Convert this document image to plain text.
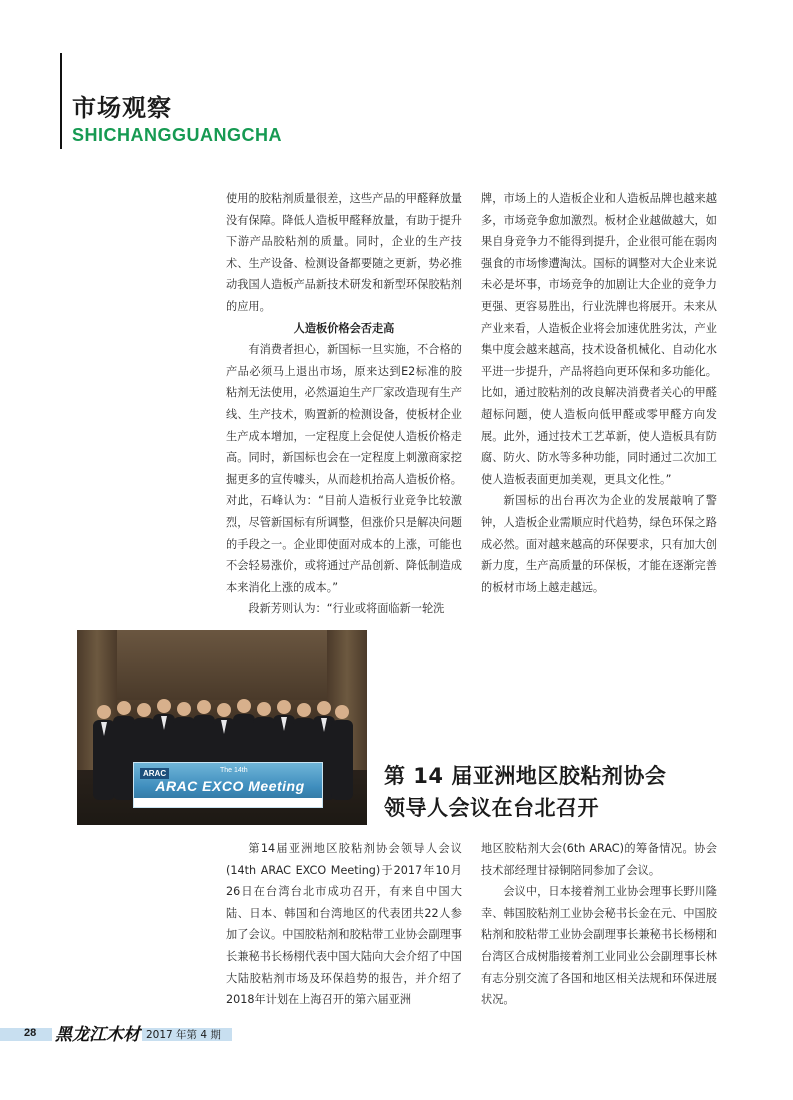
市场观察
SHICHANGGUANGCHA

使用的胶粘剂质量很差，这些产品的甲醛释放量没有保障。降低人造板甲醛释放量，有助于提升下游产品胶粘剂的质量。同时，企业的生产技术、生产设备、检测设备都要随之更新，势必推动我国人造板产品新技术研发和新型环保胶粘剂的应用。

人造板价格会否走高

有消费者担心，新国标一旦实施，不合格的产品必须马上退出市场，原来达到E2标准的胶粘剂无法使用，必然逼迫生产厂家改造现有生产线、生产技术，购置新的检测设备，使板材企业生产成本增加，一定程度上会促使人造板价格走高。同时，新国标也会在一定程度上刺激商家挖掘更多的宣传噱头，从而趁机抬高人造板价格。对此，石峰认为：“目前人造板行业竞争比较激烈，尽管新国标有所调整，但涨价只是解决问题的手段之一。企业即使面对成本的上涨，可能也不会轻易涨价，或将通过产品创新、降低制造成本来消化上涨的成本。”

段新芳则认为：“行业或将面临新一轮洗

牌，市场上的人造板企业和人造板品牌也越来越多，市场竞争愈加激烈。板材企业越做越大，如果自身竞争力不能得到提升，企业很可能在弱肉强食的市场惨遭淘汰。国标的调整对大企业来说未必是坏事，市场竞争的加剧让大企业的竞争力更强、更容易胜出，行业洗牌也将展开。未来从产业来看，人造板企业将会加速优胜劣汰，产业集中度会越来越高，技术设备机械化、自动化水平进一步提升，产品将趋向更环保和多功能化。比如，通过胶粘剂的改良解决消费者关心的甲醛超标问题，使人造板向低甲醛或零甲醛方向发展。此外，通过技术工艺革新，使人造板具有防腐、防火、防水等多种功能，同时通过二次加工使人造板表面更加美观，更具文化性。”

新国标的出台再次为企业的发展敲响了警钟，人造板企业需顺应时代趋势，绿色环保之路成必然。面对越来越高的环保要求，只有加大创新力度，生产高质量的环保板，才能在逐渐完善的板材市场上越走越远。

ARAC	The 14th
ARAC EXCO Meeting	第 14 届亚洲地区胶粘剂协会
领导人会议在台北召开

第14届亚洲地区胶粘剂协会领导人会议(14th ARAC EXCO Meeting)于2017年10月26日在台湾台北市成功召开，有来自中国大陆、日本、韩国和台湾地区的代表团共22人参加了会议。中国胶粘剂和胶粘带工业协会副理事长兼秘书长杨栩代表中国大陆向大会介绍了中国大陆胶粘剂市场及环保趋势的报告，并介绍了2018年计划在上海召开的第六届亚洲

地区胶粘剂大会(6th ARAC)的筹备情况。协会技术部经理甘禄铜陪同参加了会议。

会议中，日本接着剂工业协会理事长野川隆幸、韩国胶粘剂工业协会秘书长金在元、中国胶粘剂和胶粘带工业协会副理事长兼秘书长杨栩和台湾区合成树脂接着剂工业同业公会副理事长林有志分别交流了各国和地区相关法规和环保进展状况。

28 黑龙江木材 2017 年第 4 期
